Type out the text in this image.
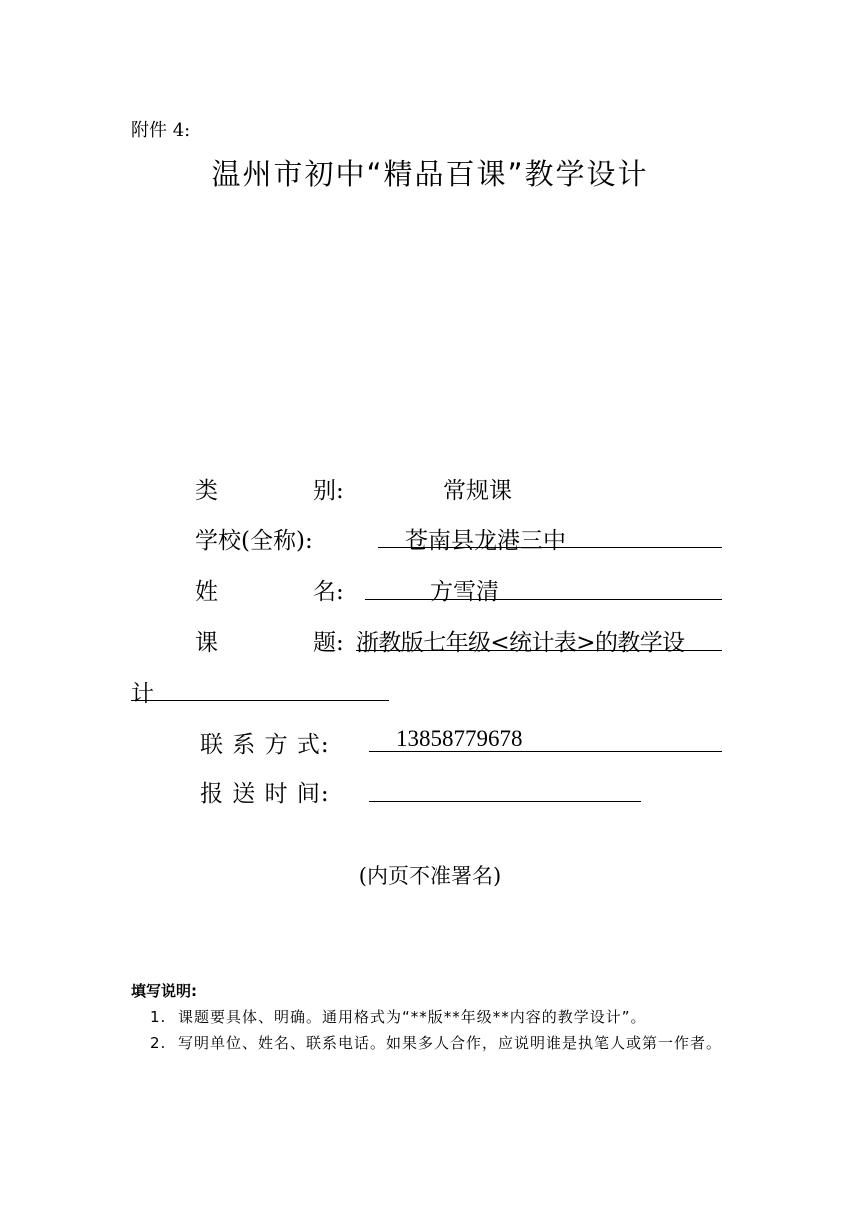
附件 4:
温州市初中“精品百课”教学设计
类	别:	常规课
学校(全称):	苍南县龙港三中
姓	名:	方雪清
课	题: 浙教版七年级<统计表>的教学设
计
联 系 方 式:	13858779678
报 送 时 间:
(内页不准署名)
填写说明:
1. 课题要具体、明确。通用格式为“**版**年级**内容的教学设计”。
2. 写明单位、姓名、联系电话。如果多人合作，应说明谁是执笔人或第一作者。
